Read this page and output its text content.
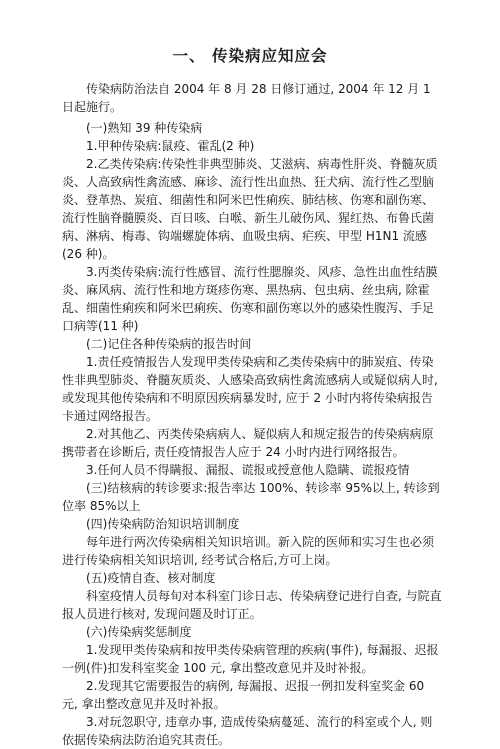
一、 传染病应知应会

传染病防治法自 2004 年 8 月 28 日修订通过, 2004 年 12 月 1 日起施行。

(一)熟知 39 种传染病

1.甲种传染病:鼠疫、霍乱(2 种)

2.乙类传染病:传染性非典型肺炎、艾滋病、病毒性肝炎、脊髓灰质炎、人高致病性禽流感、麻诊、流行性出血热、狂犬病、流行性乙型脑炎、登革热、炭疽、细菌性和阿米巴性痢疾、肺结核、伤寒和副伤寒、流行性脑脊髓膜炎、百日咳、白喉、新生儿破伤风、猩红热、布鲁氏菌病、淋病、梅毒、钩端螺旋体病、血吸虫病、疟疾、甲型 H1N1 流感(26 种)。

3.丙类传染病:流行性感冒、流行性腮腺炎、风疹、急性出血性结膜炎、麻风病、流行性和地方斑疹伤寒、黑热病、包虫病、丝虫病, 除霍乱、细菌性痢疾和阿米巴痢疾、伤寒和副伤寒以外的感染性腹泻、手足口病等(11 种)

(二)记住各种传染病的报告时间

1.责任疫情报告人发现甲类传染病和乙类传染病中的肺炭疽、传染性非典型肺炎、脊髓灰质炎、人感染高致病性禽流感病人或疑似病人时, 或发现其他传染病和不明原因疾病暴发时, 应于 2 小时内将传染病报告卡通过网络报告。

2.对其他乙、丙类传染病病人、疑似病人和规定报告的传染病病原携带者在诊断后, 责任疫情报告人应于 24 小时内进行网络报告。

3.任何人员不得瞒报、漏报、谎报或授意他人隐瞒、谎报疫情

(三)结核病的转诊要求:报告率达 100%、转诊率 95%以上, 转诊到位率 85%以上

(四)传染病防治知识培训制度

每年进行两次传染病相关知识培训。新入院的医师和实习生也必须进行传染病相关知识培训, 经考试合格后,方可上岗。

(五)疫情自查、核对制度

科室疫情人员每旬对本科室门诊日志、传染病登记进行自查, 与院直报人员进行核对, 发现问题及时订正。

(六)传染病奖惩制度

1.发现甲类传染病和按甲类传染病管理的疾病(事件), 每漏报、迟报一例(件)扣发科室奖金 100 元, 拿出整改意见并及时补报。

2.发现其它需要报告的病例, 每漏报、迟报一例扣发科室奖金 60 元, 拿出整改意见并及时补报。

3.对玩忽职守, 违章办事, 造成传染病蔓延、流行的科室或个人, 则依据传染病法防治追究其责任。
